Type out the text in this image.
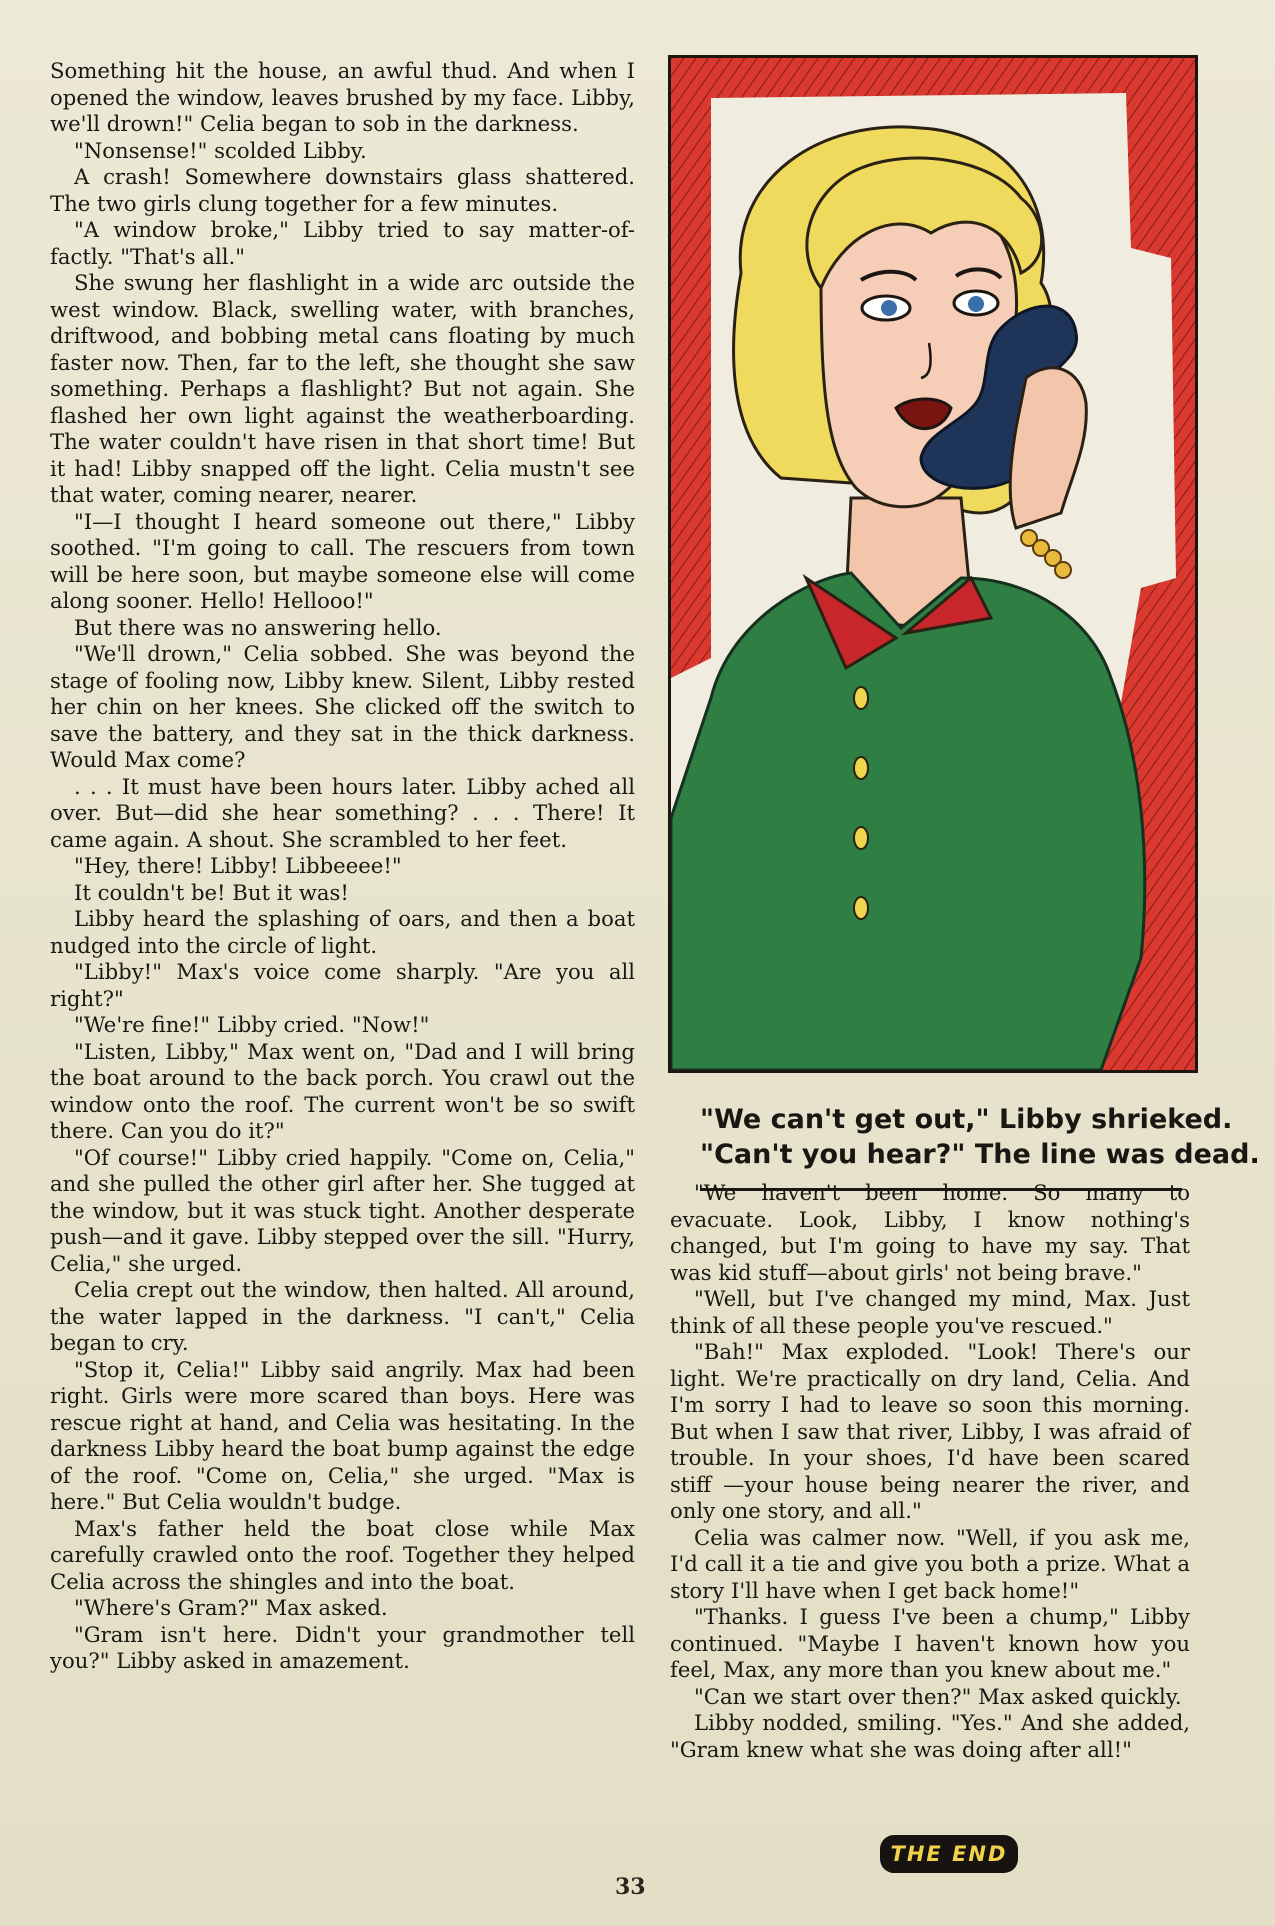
Something hit the house, an awful thud. And when I opened the window, leaves brushed by my face. Libby, we'll drown!" Celia began to sob in the darkness.

"Nonsense!" scolded Libby.

A crash! Somewhere downstairs glass shattered. The two girls clung together for a few minutes.

"A window broke," Libby tried to say matter-of-factly. "That's all."

She swung her flashlight in a wide arc outside the west window. Black, swelling water, with branches, driftwood, and bobbing metal cans floating by much faster now. Then, far to the left, she thought she saw something. Perhaps a flashlight? But not again. She flashed her own light against the weatherboarding. The water couldn't have risen in that short time! But it had! Libby snapped off the light. Celia mustn't see that water, coming nearer, nearer.

"I—I thought I heard someone out there," Libby soothed. "I'm going to call. The rescuers from town will be here soon, but maybe someone else will come along sooner. Hello! Hellooo!"

But there was no answering hello.

"We'll drown," Celia sobbed. She was beyond the stage of fooling now, Libby knew. Silent, Libby rested her chin on her knees. She clicked off the switch to save the battery, and they sat in the thick darkness. Would Max come?

. . . It must have been hours later. Libby ached all over. But—did she hear something? . . . There! It came again. A shout. She scrambled to her feet.

"Hey, there! Libby! Libbeeee!"

It couldn't be! But it was!

Libby heard the splashing of oars, and then a boat nudged into the circle of light.

"Libby!" Max's voice come sharply. "Are you all right?"

"We're fine!" Libby cried. "Now!"

"Listen, Libby," Max went on, "Dad and I will bring the boat around to the back porch. You crawl out the window onto the roof. The current won't be so swift there. Can you do it?"

"Of course!" Libby cried happily. "Come on, Celia," and she pulled the other girl after her. She tugged at the window, but it was stuck tight. Another desperate push—and it gave. Libby stepped over the sill. "Hurry, Celia," she urged.

Celia crept out the window, then halted. All around, the water lapped in the darkness. "I can't," Celia began to cry.

"Stop it, Celia!" Libby said angrily. Max had been right. Girls were more scared than boys. Here was rescue right at hand, and Celia was hesitating. In the darkness Libby heard the boat bump against the edge of the roof. "Come on, Celia," she urged. "Max is here." But Celia wouldn't budge.

Max's father held the boat close while Max carefully crawled onto the roof. Together they helped Celia across the shingles and into the boat.

"Where's Gram?" Max asked.

"Gram isn't here. Didn't your grandmother tell you?" Libby asked in amazement.

"We can't get out," Libby shrieked.
"Can't you hear?" The line was dead.

"We haven't been home. So many to evacuate. Look, Libby, I know nothing's changed, but I'm going to have my say. That was kid stuff—about girls' not being brave."

"Well, but I've changed my mind, Max. Just think of all these people you've rescued."

"Bah!" Max exploded. "Look! There's our light. We're practically on dry land, Celia. And I'm sorry I had to leave so soon this morning. But when I saw that river, Libby, I was afraid of trouble. In your shoes, I'd have been scared stiff —your house being nearer the river, and only one story, and all."

Celia was calmer now. "Well, if you ask me, I'd call it a tie and give you both a prize. What a story I'll have when I get back home!"

"Thanks. I guess I've been a chump," Libby continued. "Maybe I haven't known how you feel, Max, any more than you knew about me."

"Can we start over then?" Max asked quickly.

Libby nodded, smiling. "Yes." And she added, "Gram knew what she was doing after all!"

THE END
33
